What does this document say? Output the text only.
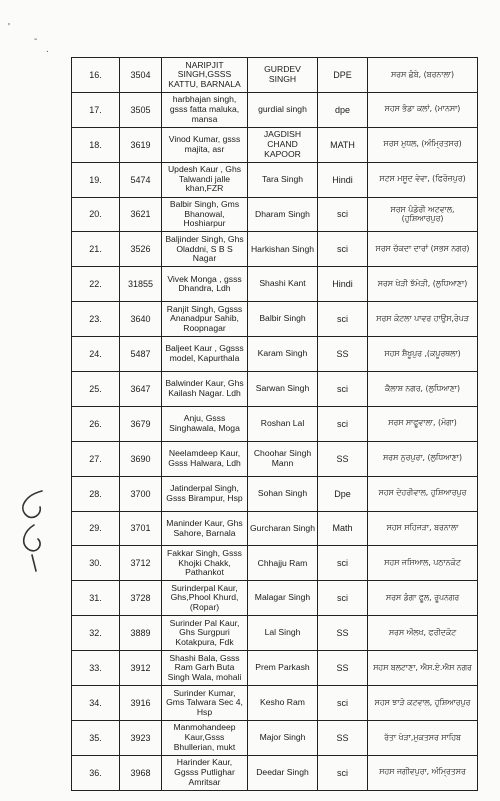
'
-
.
16.	3504	NARIPJIT SINGH,GSSS KATTU, BARNALA	GURDEV SINGH	DPE	ਸਰਸ ਛੰਬੇ, (ਬਰਨਾਲਾ)
17.	3505	harbhajan singh, gsss fatta maluka, mansa	gurdial singh	dpe	ਸਹਸ ਭੰਡਾ ਕਲਾਂ, (ਮਾਨਸਾ)
18.	3619	Vinod Kumar, gsss majita, asr	JAGDISH CHAND KAPOOR	MATH	ਸਰਸ ਮੁਧਲ, (ਅੰਮ੍ਰਿਤਸਰ)
19.	5474	Updesh Kaur , Ghs Talwandi jalle khan,FZR	Tara Singh	Hindi	ਸਟਸ ਮਸੂਦ ਵੇਵਾ, (ਫਿਰੋਜ਼ਪੁਰ)
20.	3621	Balbir Singh, Gms Bhanowal, Hoshiarpur	Dharam Singh	sci	ਸਰਸ ਪੰਡੋਰੀ ਅਟਵਾਲ, (ਹੁਸ਼ਿਆਰਪੁਰ)
21.	3526	Baljinder Singh, Ghs Oladdni, S B S Nagar	Harkishan Singh	sci	ਸਰਸ ਚੱਕਦਾ ਦਾਰਾਂ (ਸਭਸ ਨਗਰ)
22.	31855	Vivek Monga , gsss Dhandra, Ldh	Shashi Kant	Hindi	ਸਰਸ ਖੇੜੀ ਝੱਮੇੜੀ, (ਲੁਧਿਆਣਾ)
23.	3640	Ranjit Singh, Ggsss Ananadpur Sahib, Roopnagar	Balbir Singh	sci	ਸਰਸ ਕੋਟਲਾ ਪਾਵਰ ਹਾਉਸ,ਰੋਪੜ
24.	5487	Baljeet Kaur , Ggsss model, Kapurthala	Karam Singh	SS	ਸਹਸ ਸ਼ੈਖੂਪੁਰ ,(ਕਪੂਰਥਲਾ)
25.	3647	Balwinder Kaur, Ghs Kailash Nagar. Ldh	Sarwan Singh	sci	ਕੈਲਾਸ਼ ਨਗਰ, (ਲੁਧਿਆਣਾ)
26.	3679	Anju, Gsss Singhawala, Moga	Roshan Lal	sci	ਸਰਸ ਸਾਫੂਵਾਲਾ, (ਮੋਗਾ)
27.	3690	Neelamdeep Kaur, Gsss Halwara, Ldh	Choohar Singh Mann	SS	ਸਰਸ ਨੁਰਪੁਰਾ, (ਲੁਧਿਆਣਾ)
28.	3700	Jatinderpal Singh, Gsss Birampur, Hsp	Sohan Singh	Dpe	ਸਹਸ ਦੇਹਰੀਵਾਲ, ਹੁਸ਼ਿਆਰਪੁਰ
29.	3701	Maninder Kaur, Ghs Sahore, Barnala	Gurcharan Singh	Math	ਸਹਸ ਸਹਿਜੜਾ, ਬਰਨਾਲਾ
30.	3712	Fakkar Singh, Gsss Khojki Chakk, Pathankot	Chhajju Ram	sci	ਸਹਸ ਜਸਿਆਲ, ਪਠਾਨਕੋਟ
31.	3728	Surinderpal Kaur, Ghs,Phool Khurd,(Ropar)	Malagar Singh	sci	ਸਰਸ ਡੰਗਾ ਫੂਲ, ਰੂਪਨਗਰ
32.	3889	Surinder Pal Kaur, Ghs Surgpuri Kotakpura, Fdk	Lal Singh	SS	ਸਰਸ ਔਲਖ, ਫਰੀਦਕੋਟ
33.	3912	Shashi Bala, Gsss Ram Garh Buta Singh Wala, mohali	Prem Parkash	SS	ਸਹਸ ਬਲਟਾਣਾ, ਐਸ.ਏ.ਐਸ ਨਗਰ
34.	3916	Surinder Kumar, Gms Talwara Sec 4, Hsp	Kesho Ram	sci	ਸਹਸ ਝਾੜੋ ਕਟਵਾਲ, ਹੁਸ਼ਿਆਰਪੁਰ
35.	3923	Manmohandeep Kaur,Gsss Bhullerian, mukt	Major Singh	SS	ਰੱਤਾ ਖੇੜਾ,ਮੁਕਤਸਰ ਸਾਹਿਬ
36.	3968	Harinder Kaur, Ggsss Putlighar Amritsar	Deedar Singh	sci	ਸਹਸ ਜਗੀਵਪੁਰਾ, ਅੰਮ੍ਰਿਤਸਰ
